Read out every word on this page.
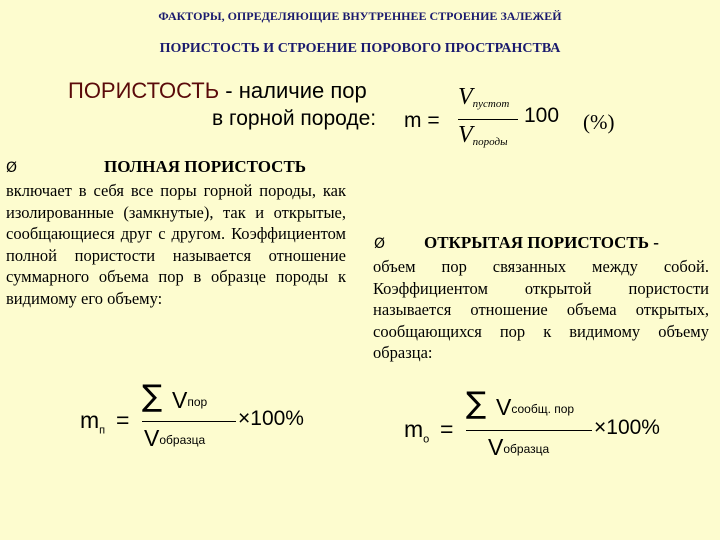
ФАКТОРЫ, ОПРЕДЕЛЯЮЩИЕ ВНУТРЕННЕЕ СТРОЕНИЕ ЗАЛЕЖЕЙ
ПОРИСТОСТЬ И СТРОЕНИЕ ПОРОВОГО ПРОСТРАНСТВА
ПОРИСТОСТЬ - наличие пор
в горной породе: m =
$V_{пустот}$
$V_{породы}$
100 (%)
Ø	ПОЛНАЯ ПОРИСТОСТЬ
включает в себя все поры горной породы, как изолированные (замкнутые), так и открытые, сообщающиеся друг с другом. Коэффициентом полной пористости называется отношение суммарного объема пор в образце породы к видимому его объему:
$m_п$ =
∑ $V_{пор}$
$V_{образца}$
×100%
Ø ОТКРЫТАЯ ПОРИСТОСТЬ -
объем пор связанных между собой. Коэффициентом открытой пористости называется отношение объема открытых, сообщающихся пор к видимому объему образца:
$m_о$ =
∑ $V_{сообщ. пор}$
$V_{образца}$
×100%
